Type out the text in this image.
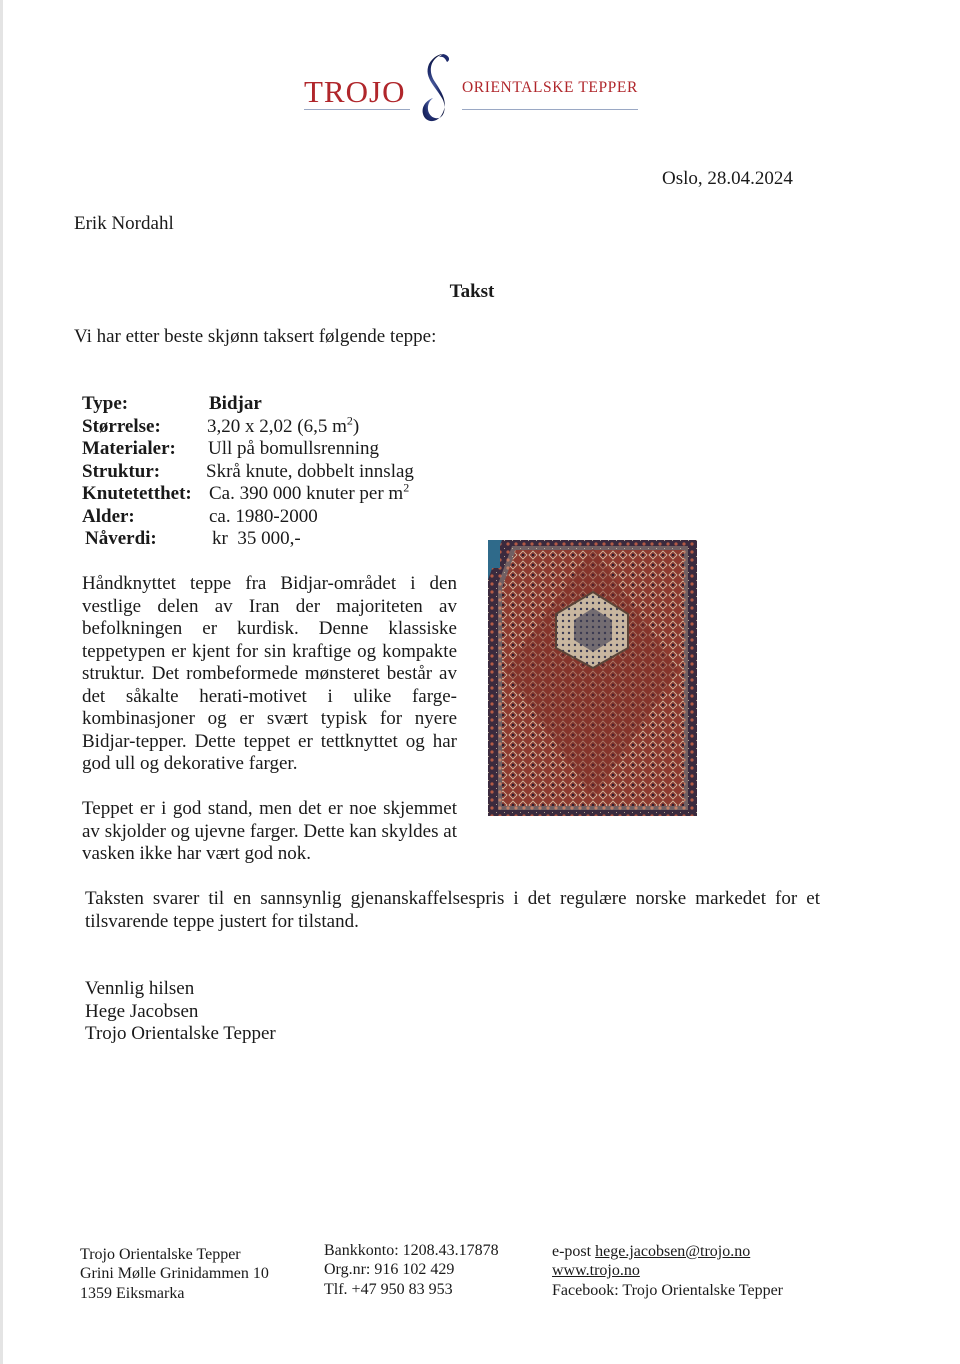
TROJO	ORIENTALSKE TEPPER
Oslo, 28.04.2024
Erik Nordahl
Takst
Vi har etter beste skjønn taksert følgende teppe:
Type:	Bidjar
Størrelse: 3,20 x 2,02 (6,5 $m^2$)
Materialer: Ull på bomullsrenning
Struktur: Skrå knute, dobbelt innslag
Knutetetthet: Ca. 390 000 knuter per $m^2$
Alder:	ca. 1980-2000
Nåverdi:	kr  35 000,-
Håndknyttet teppe fra Bidjar-området i den vestlige delen av Iran der majoriteten av befolkningen er kurdisk. Denne klassiske teppetypen er kjent for sin kraftige og kompakte struktur. Det rombeformede mønsteret består av det såkalte herati-motivet i ulike farge-kombinasjoner og er svært typisk for nyere Bidjar-tepper. Dette teppet er tettknyttet og har god ull og dekorative farger.
Teppet er i god stand, men det er noe skjemmet av skjolder og ujevne farger. Dette kan skyldes at vasken ikke har vært god nok.
Taksten svarer til en sannsynlig gjenanskaffelsespris i det regulære norske markedet for et tilsvarende teppe justert for tilstand.
Vennlig hilsen
Hege Jacobsen
Trojo Orientalske Tepper
Trojo Orientalske Tepper
Grini Mølle Grinidammen 10
1359 Eiksmarka
Bankkonto: 1208.43.17878
Org.nr: 916 102 429
Tlf. +47 950 83 953
e-post hege.jacobsen@trojo.no
www.trojo.no
Facebook: Trojo Orientalske Tepper
